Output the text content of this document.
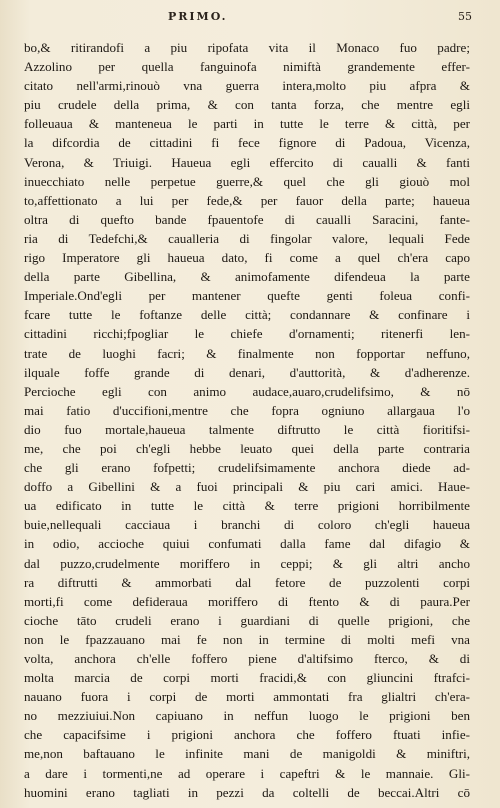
PRIMO.	55
bo,& ritirandofi a piu ripofata vita il Monaco fuo padre;
Azzolino per quella fanguinofa nimiftà grandemente effer-
citato nell'armi,rinouò vna guerra intera,molto piu afpra &
piu crudele della prima, & con tanta forza, che mentre egli
folleuaua & manteneua le parti in tutte le terre & città, per
la difcordia de cittadini fi fece fignore di Padoua, Vicenza,
Verona, & Triuigi. Haueua egli effercito di caualli & fanti
inuecchiato nelle perpetue guerre,& quel che gli giouò mol
to,affettionato a lui per fede,& per fauor della parte; haueua
oltra di quefto bande fpauentofe di caualli Saracini, fante-
ria di Tedefchi,& caualleria di fingolar valore, lequali Fede
rigo Imperatore gli haueua dato, fi come a quel ch'era capo
della parte Gibellina, & animofamente difendeua la parte
Imperiale.Ond'egli per mantener quefte genti foleua confi-
fcare tutte le foftanze delle città; condannare & confinare i
cittadini ricchi;fpogliar le chiefe d'ornamenti; ritenerfi len-
trate de luoghi facri; & finalmente non fopportar neffuno,
ilquale foffe grande di denari, d'auttorità, & d'adherenze.
Percioche egli con animo audace,auaro,crudelifsimo, & nō
mai fatio d'uccifioni,mentre che fopra ogniuno allargaua l'o
dio fuo mortale,haueua talmente diftrutto le città fioritifsi-
me, che poi ch'egli hebbe leuato quei della parte contraria
che gli erano fofpetti; crudelifsimamente anchora diede ad-
doffo a Gibellini & a fuoi principali & piu cari amici. Haue-
ua edificato in tutte le città & terre prigioni horribilmente
buie,nellequali cacciaua i branchi di coloro ch'egli haueua
in odio, accioche quiui confumati dalla fame dal difagio &
dal puzzo,crudelmente moriffero in ceppi; & gli altri ancho
ra diftrutti & ammorbati dal fetore de puzzolenti corpi
morti,fi come defideraua moriffero di ftento & di paura.Per
cioche tāto crudeli erano i guardiani di quelle prigioni, che
non le fpazzauano mai fe non in termine di molti mefi vna
volta, anchora ch'elle foffero piene d'altifsimo fterco, & di
molta marcia de corpi morti fracidi,& con gliuncini ftrafci-
nauano fuora i corpi de morti ammontati fra glialtri ch'era-
no mezziuiui.Non capiuano in neffun luogo le prigioni ben
che capacifsime i prigioni anchora che foffero ftuati infie-
me,non baftauano le infinite mani de manigoldi & miniftri,
a dare i tormenti,ne ad operare i capeftri & le mannaie. Gli-
huomini erano tagliati in pezzi da coltelli de beccai.Altri cō
